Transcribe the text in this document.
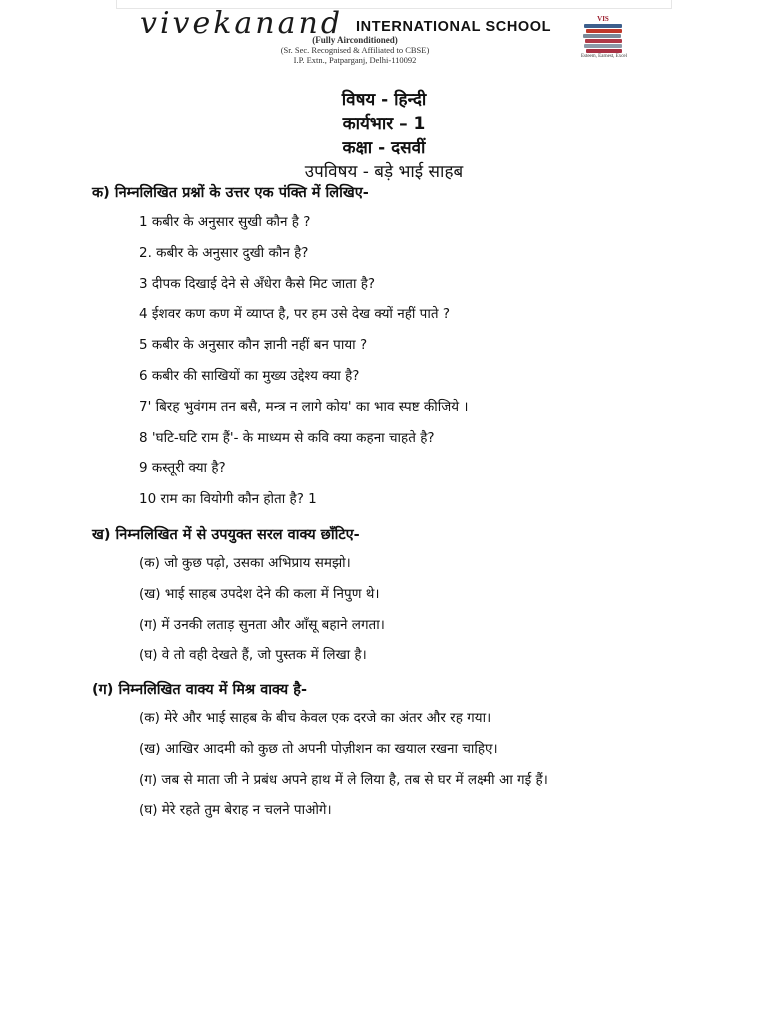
vivekanand INTERNATIONAL SCHOOL
(Fully Airconditioned)
(Sr. Sec. Recognised & Affiliated to CBSE)
I.P. Extn., Patparganj, Delhi-110092
VIS
Esteem, Earnest, Excel
विषय - हिन्दी
कार्यभार – 1
कक्षा - दसवीं
उपविषय - बड़े भाई साहब
क) निम्नलिखित प्रश्नों के उत्तर एक पंक्ति में लिखिए-
1 कबीर के अनुसार सुखी कौन है ?
2. कबीर के अनुसार दुखी कौन है?
3 दीपक दिखाई देने से अँधेरा कैसे मिट जाता है?
4 ईशवर कण कण में व्याप्त है, पर हम उसे देख क्यों नहीं पाते ?
5 कबीर के अनुसार कौन ज्ञानी नहीं बन पाया ?
6 कबीर की साखियों का मुख्य उद्देश्य क्या है?
7' बिरह भुवंगम तन बसै, मन्त्र न लागे कोय' का भाव स्पष्ट कीजिये ।
8 'घटि-घटि राम हैं'- के माध्यम से कवि क्या कहना चाहते है?
9 कस्तूरी क्या है?
10 राम का वियोगी कौन होता है? 1
ख) निम्नलिखित में से उपयुक्त सरल वाक्य छाँटिए-
(क) जो कुछ पढ़ो, उसका अभिप्राय समझो।
(ख) भाई साहब उपदेश देने की कला में निपुण थे।
(ग) में उनकी लताड़ सुनता और आँसू बहाने लगता।
(घ) वे तो वही देखते हैं, जो पुस्तक में लिखा है।
(ग) निम्नलिखित वाक्य में मिश्र वाक्य है-
(क) मेरे और भाई साहब के बीच केवल एक दरजे का अंतर और रह गया।
(ख) आखिर आदमी को कुछ तो अपनी पोज़ीशन का खयाल रखना चाहिए।
(ग) जब से माता जी ने प्रबंध अपने हाथ में ले लिया है, तब से घर में लक्ष्मी आ गई हैं।
(घ) मेरे रहते तुम बेराह न चलने पाओगे।
